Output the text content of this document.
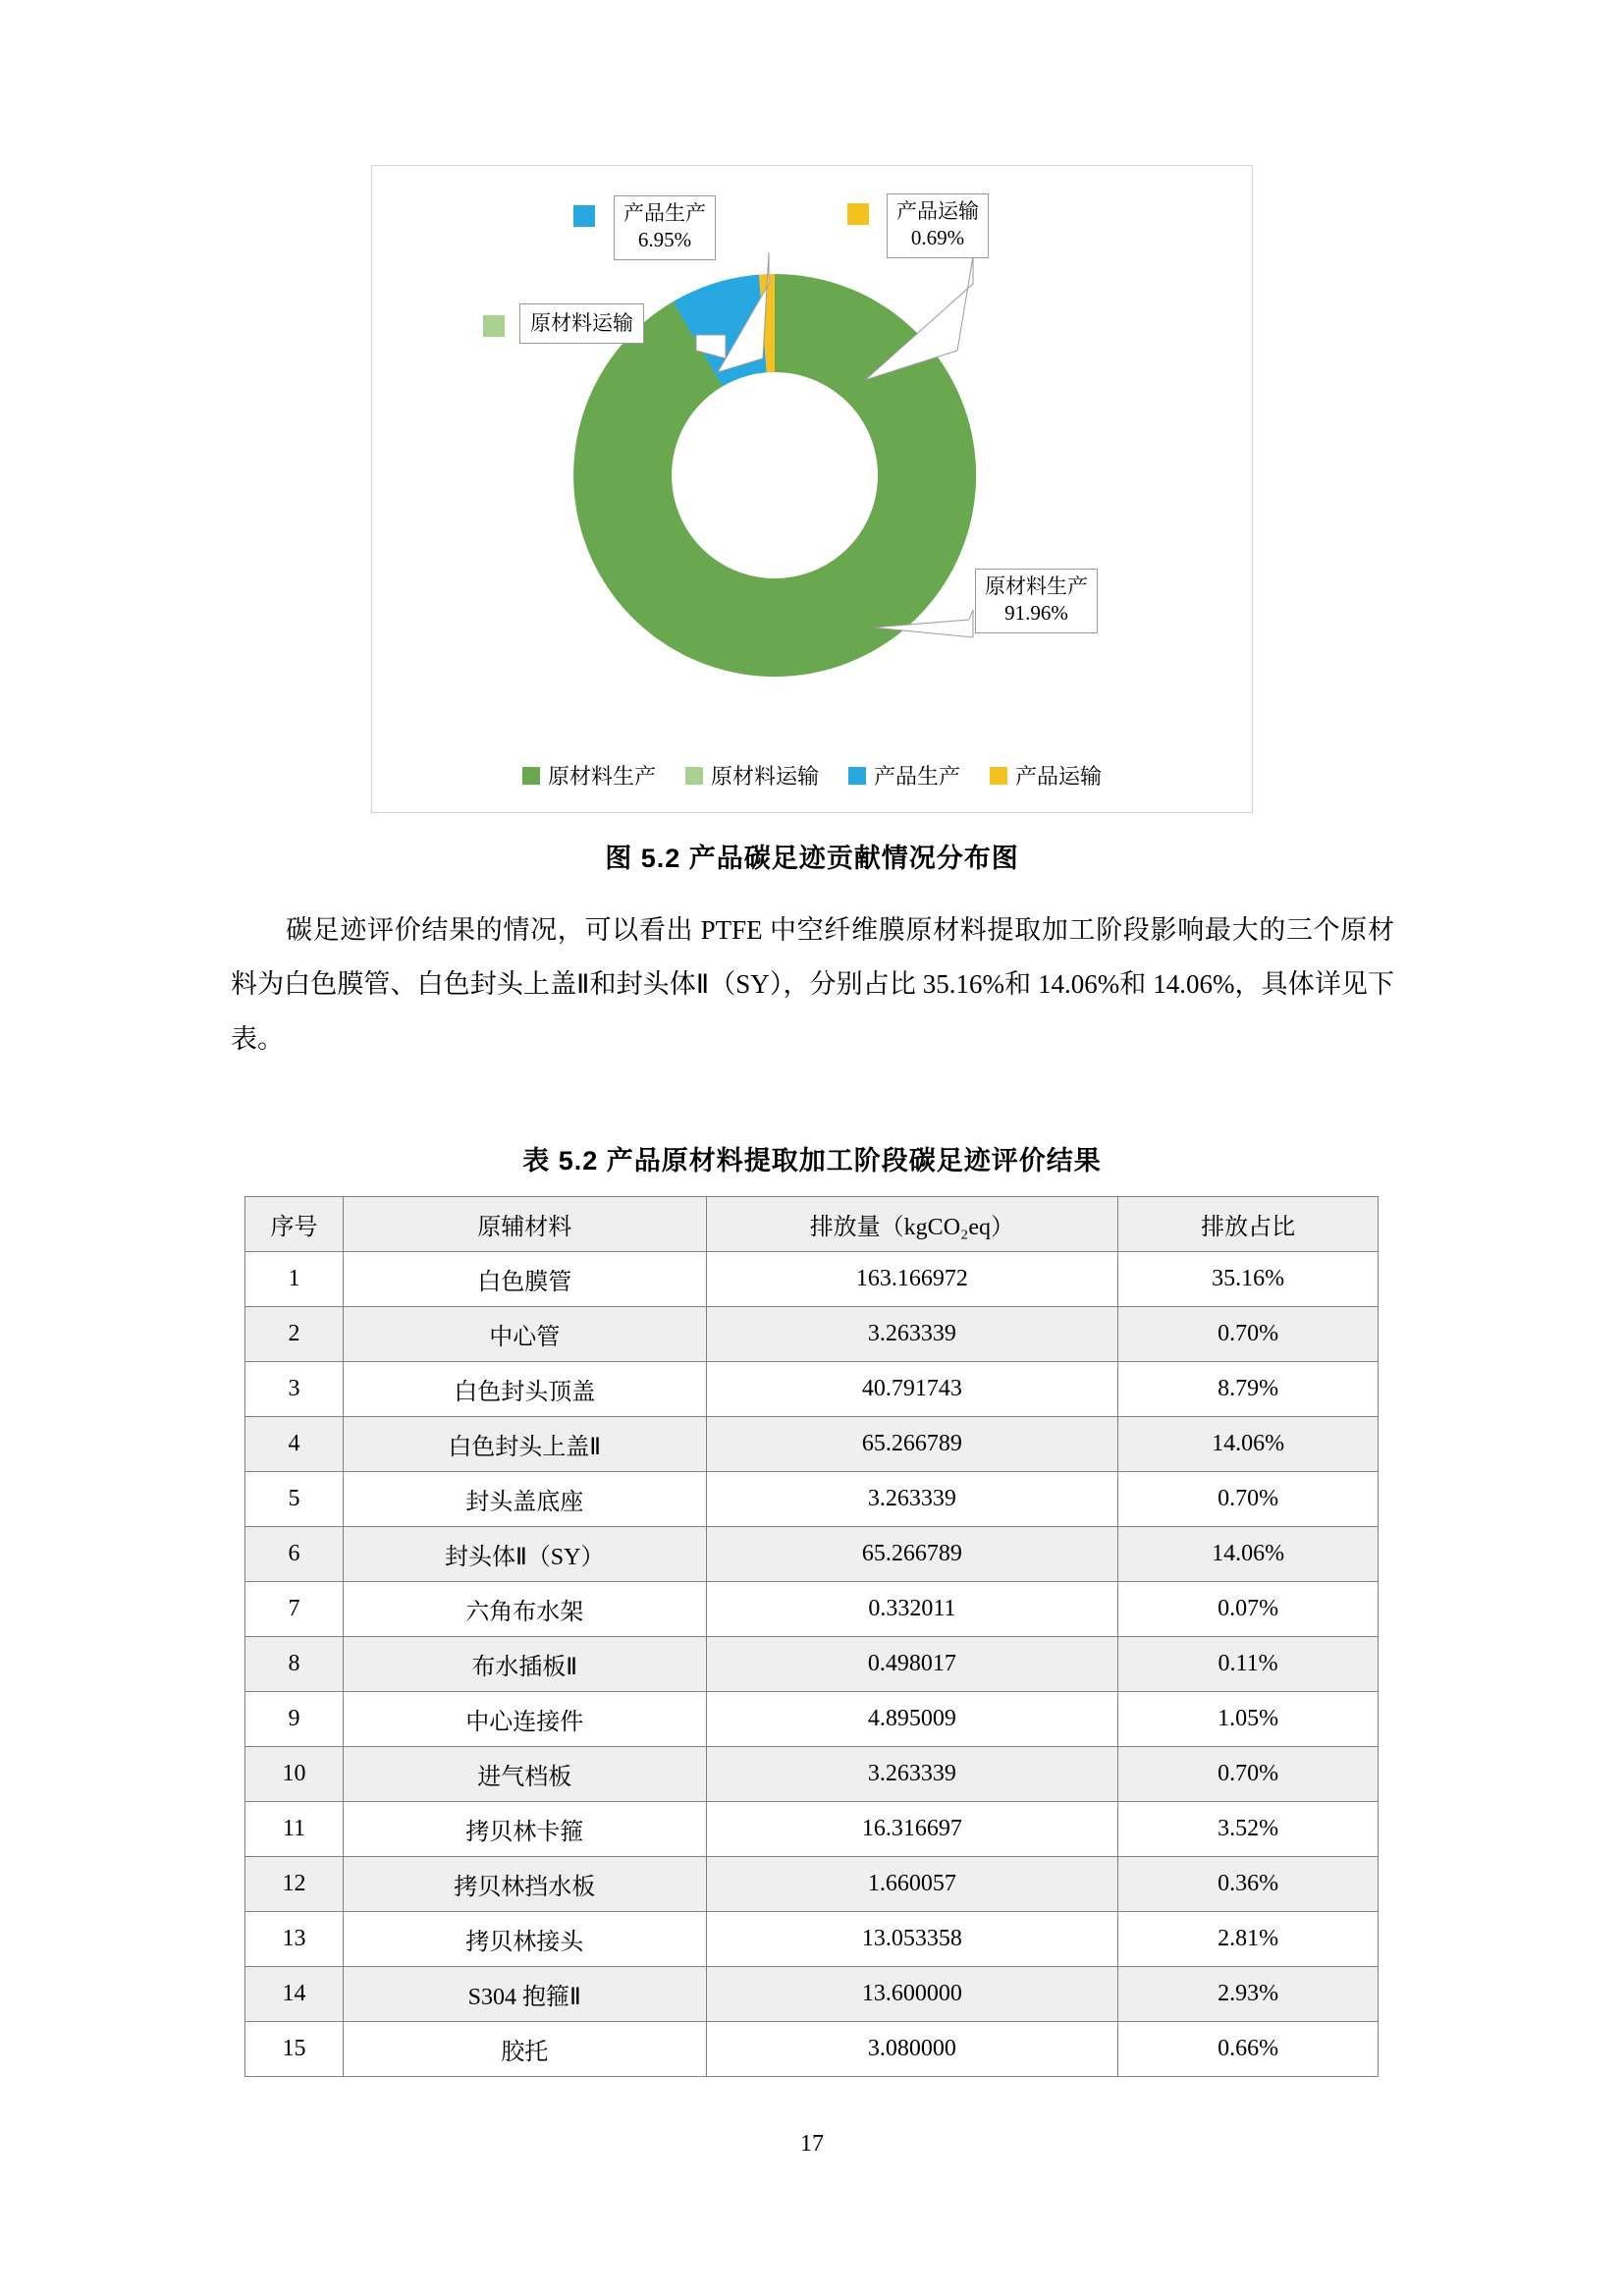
产品生产
6.95%
产品运输
0.69%
原材料运输
原材料生产
91.96%
原材料生产	原材料运输	产品生产	产品运输
图 5.2 产品碳足迹贡献情况分布图
碳足迹评价结果的情况，可以看出 PTFE 中空纤维膜原材料提取加工阶段影响最大的三个原材料为白色膜管、白色封头上盖Ⅱ和封头体Ⅱ（SY），分别占比 35.16%和 14.06%和 14.06%，具体详见下表。
表 5.2 产品原材料提取加工阶段碳足迹评价结果
序号	原辅材料	排放量（kgCO₂eq）	排放占比
1	白色膜管	163.166972	35.16%
2	中心管	3.263339	0.70%
3	白色封头顶盖	40.791743	8.79%
4	白色封头上盖Ⅱ	65.266789	14.06%
5	封头盖底座	3.263339	0.70%
6	封头体Ⅱ（SY）	65.266789	14.06%
7	六角布水架	0.332011	0.07%
8	布水插板Ⅱ	0.498017	0.11%
9	中心连接件	4.895009	1.05%
10	进气档板	3.263339	0.70%
11	拷贝林卡箍	16.316697	3.52%
12	拷贝林挡水板	1.660057	0.36%
13	拷贝林接头	13.053358	2.81%
14	S304 抱箍Ⅱ	13.600000	2.93%
15	胶托	3.080000	0.66%
17
